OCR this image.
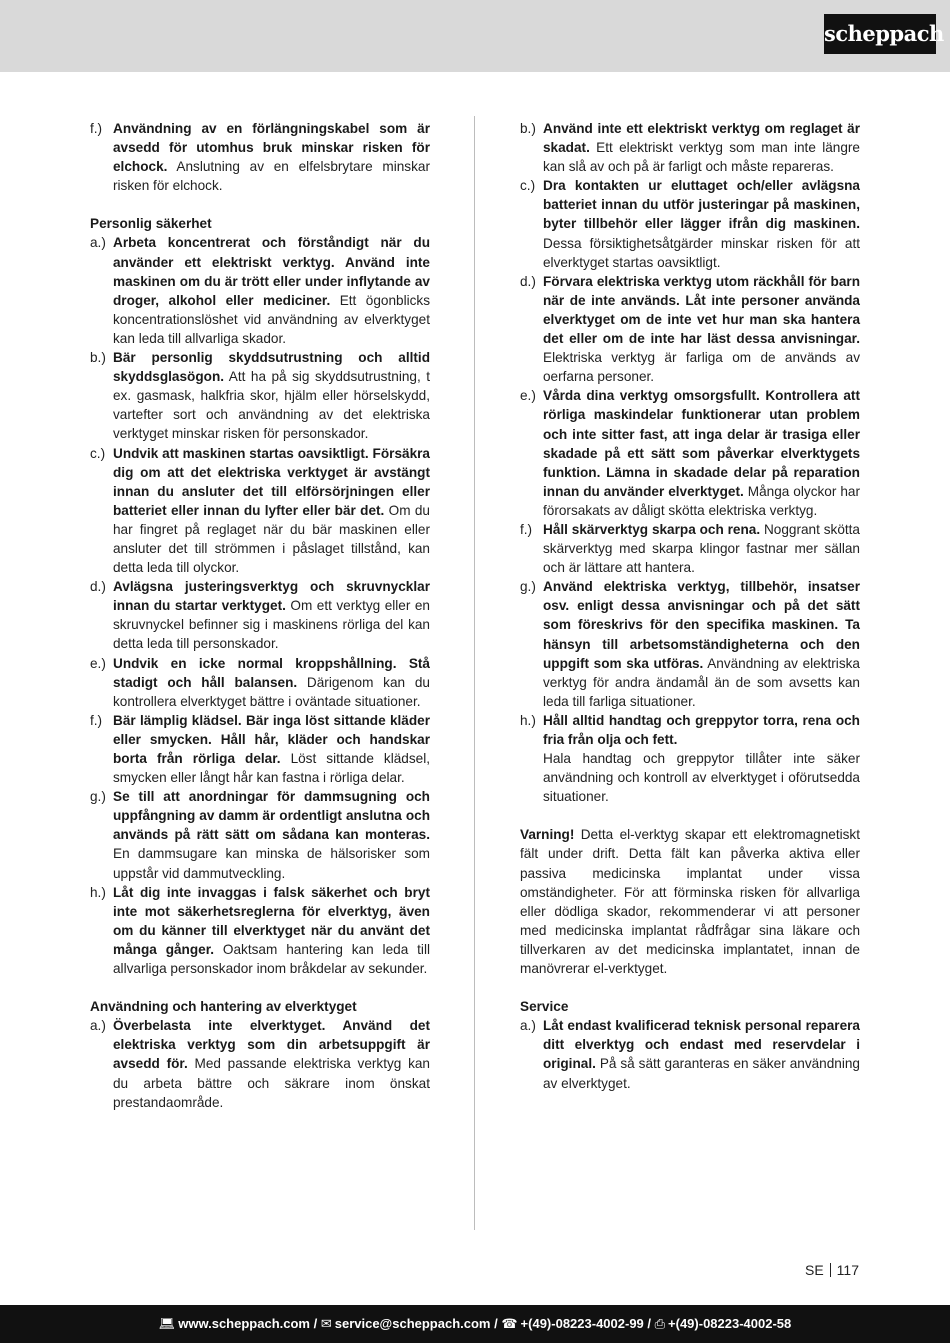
scheppach
f.) Användning av en förlängningskabel som är avsedd för utomhus bruk minskar risken för elchock. Anslutning av en elfelsbrytare minskar risken för elchock.
Personlig säkerhet
a.) Arbeta koncentrerat och förståndigt när du använder ett elektriskt verktyg. Använd inte maskinen om du är trött eller under inflytande av droger, alkohol eller mediciner. Ett ögonblicks koncentrationslöshet vid användning av elverktyget kan leda till allvarliga skador.
b.) Bär personlig skyddsutrustning och alltid skyddsglasögon. Att ha på sig skyddsutrustning, t ex. gasmask, halkfria skor, hjälm eller hörselskydd, vartefter sort och användning av det elektriska verktyget minskar risken för personskador.
c.) Undvik att maskinen startas oavsiktligt. Försäkra dig om att det elektriska verktyget är avstängt innan du ansluter det till elförsörjningen eller batteriet eller innan du lyfter eller bär det. Om du har fingret på reglaget när du bär maskinen eller ansluter det till strömmen i påslaget tillstånd, kan detta leda till olyckor.
d.) Avlägsna justeringsverktyg och skruvnycklar innan du startar verktyget. Om ett verktyg eller en skruvnyckel befinner sig i maskinens rörliga del kan detta leda till personskador.
e.) Undvik en icke normal kroppshållning. Stå stadigt och håll balansen. Därigenom kan du kontrollera elverktyget bättre i oväntade situationer.
f.) Bär lämplig klädsel. Bär inga löst sittande kläder eller smycken. Håll hår, kläder och handskar borta från rörliga delar. Löst sittande klädsel, smycken eller långt hår kan fastna i rörliga delar.
g.) Se till att anordningar för dammsugning och uppfångning av damm är ordentligt anslutna och används på rätt sätt om sådana kan monteras. En dammsugare kan minska de hälsorisker som uppstår vid dammutveckling.
h.) Låt dig inte invaggas i falsk säkerhet och bryt inte mot säkerhetsreglerna för elverktyg, även om du känner till elverktyget när du använt det många gånger. Oaktsam hantering kan leda till allvarliga personskador inom bråkdelar av sekunder.
Användning och hantering av elverktyget
a.) Överbelasta inte elverktyget. Använd det elektriska verktyg som din arbetsuppgift är avsedd för. Med passande elektriska verktyg kan du arbeta bättre och säkrare inom önskat prestandaområde.
b.) Använd inte ett elektriskt verktyg om reglaget är skadat. Ett elektriskt verktyg som man inte längre kan slå av och på är farligt och måste repareras.
c.) Dra kontakten ur eluttaget och/eller avlägsna batteriet innan du utför justeringar på maskinen, byter tillbehör eller lägger ifrån dig maskinen. Dessa försiktighetsåtgärder minskar risken för att elverktyget startas oavsiktligt.
d.) Förvara elektriska verktyg utom räckhåll för barn när de inte används. Låt inte personer använda elverktyget om de inte vet hur man ska hantera det eller om de inte har läst dessa anvisningar. Elektriska verktyg är farliga om de används av oerfarna personer.
e.) Vårda dina verktyg omsorgsfullt. Kontrollera att rörliga maskindelar funktionerar utan problem och inte sitter fast, att inga delar är trasiga eller skadade på ett sätt som påverkar elverktygets funktion. Lämna in skadade delar på reparation innan du använder elverktyget. Många olyckor har förorsakats av dåligt skötta elektriska verktyg.
f.) Håll skärverktyg skarpa och rena. Noggrant skötta skärverktyg med skarpa klingor fastnar mer sällan och är lättare att hantera.
g.) Använd elektriska verktyg, tillbehör, insatser osv. enligt dessa anvisningar och på det sätt som föreskrivs för den specifika maskinen. Ta hänsyn till arbetsomständigheterna och den uppgift som ska utföras. Användning av elektriska verktyg för andra ändamål än de som avsetts kan leda till farliga situationer.
h.) Håll alltid handtag och greppytor torra, rena och fria från olja och fett.
Hala handtag och greppytor tillåter inte säker användning och kontroll av elverktyget i oförutsedda situationer.
Varning! Detta el-verktyg skapar ett elektromagnetiskt fält under drift. Detta fält kan påverka aktiva eller passiva medicinska implantat under vissa omständigheter. För att förminska risken för allvarliga eller dödliga skador, rekommenderar vi att personer med medicinska implantat rådfrågar sina läkare och tillverkaren av det medicinska implantatet, innan de manövrerar el-verktyget.
Service
a.) Låt endast kvalificerad teknisk personal reparera ditt elverktyg och endast med reservdelar i original. På så sätt garanteras en säker användning av elverktyget.
SE 117
💻︎ www.scheppach.com / ✉︎ service@scheppach.com / ☎︎ +(49)-08223-4002-99 / ⎙ +(49)-08223-4002-58
